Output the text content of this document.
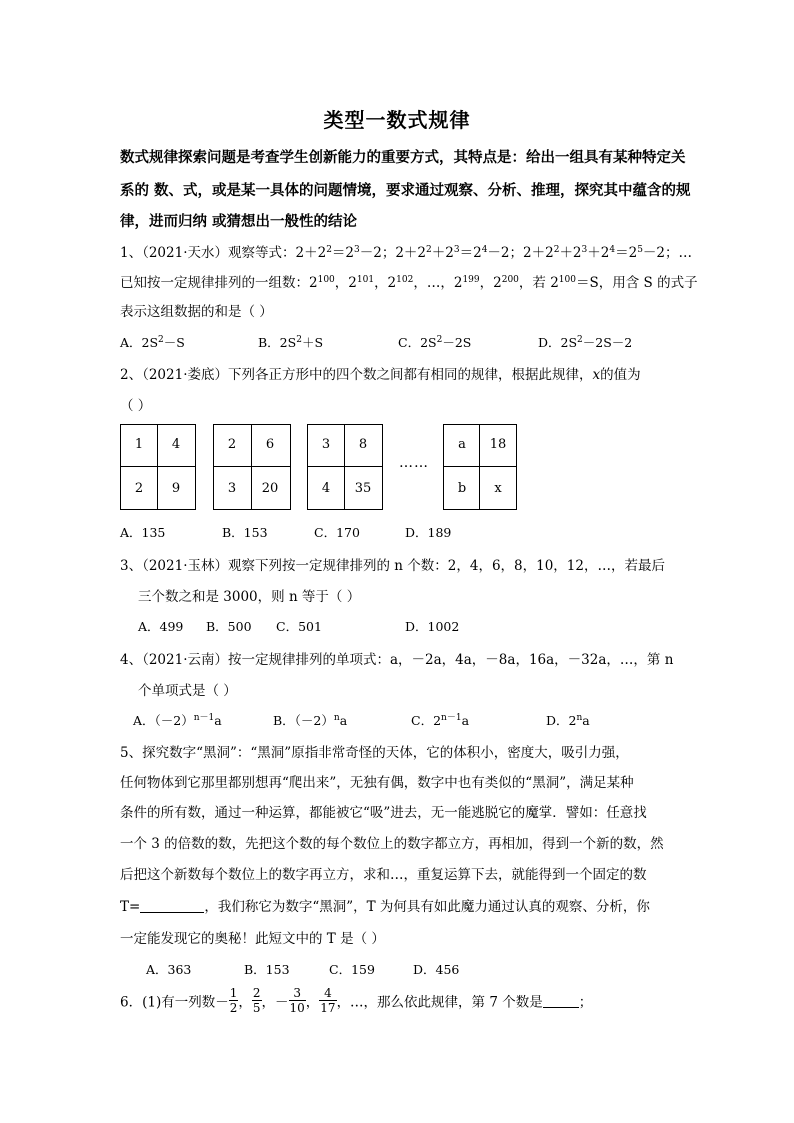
类型一数式规律
数式规律探索问题是考查学生创新能力的重要方式，其特点是：给出一组具有某种特定关
系的 数、式，或是某一具体的问题情境，要求通过观察、分析、推理，探究其中蕴含的规
律，进而归纳 或猜想出一般性的结论
1、（2021·天水）观察等式：$2+2^2=2^3-2$；$2+2^2+2^3=2^4-2$；$2+2^2+2^3+2^4=2^5-2$；…
已知按一定规律排列的一组数：$2^{100}$，$2^{101}$，$2^{102}$，…，$2^{199}$，$2^{200}$，若 $2^{100}=S$，用含 S 的式子
表示这组数据的和是（ ）
A．$2S^2-S$	B．$2S^2+S$	C．$2S^2-2S$	D．$2S^2-2S-2$
2、（2021·娄底）下列各正方形中的四个数之间都有相同的规律，根据此规律，x的值为
（ ）
1	4
2	9
2	6
3	20
3	8
4	35
……
a	18
b	x
A．135	B．153	C．170	D．189
3、（2021·玉林）观察下列按一定规律排列的 n 个数：2，4，6，8，10，12，…，若最后
三个数之和是 3000，则 n 等于（ ）
A．499 B．500 C．501	D．1002
4、（2021·云南）按一定规律排列的单项式：a，－2a，4a，－8a，16a，－32a，…，第 n
个单项式是（ ）
A．$(-2)^{n-1}a$	B．$(-2)^na$	C．$2^{n-1}a$	D．2$^n$a
5、探究数字“黑洞”：“黑洞”原指非常奇怪的天体，它的体积小，密度大，吸引力强，
任何物体到它那里都别想再“爬出来”，无独有偶，数字中也有类似的“黑洞”，满足某种
条件的所有数，通过一种运算，都能被它“吸”进去，无一能逃脱它的魔掌．譬如：任意找
一个 3 的倍数的数，先把这个数的每个数位上的数字都立方，再相加，得到一个新的数，然
后把这个新数每个数位上的数字再立方，求和…，重复运算下去，就能得到一个固定的数
T=	，我们称它为数字“黑洞”，T 为何具有如此魔力通过认真的观察、分析，你
一定能发现它的奥秘！此短文中的 T 是（ ）
A．363	B．153	C．159	D．456
6．(1)有一列数－ $\frac{1}{2}$ ， $\frac{2}{5}$ ，－ $\frac{3}{10}$ ， $\frac{4}{17}$ ，…，那么依此规律，第 7 个数是	；
